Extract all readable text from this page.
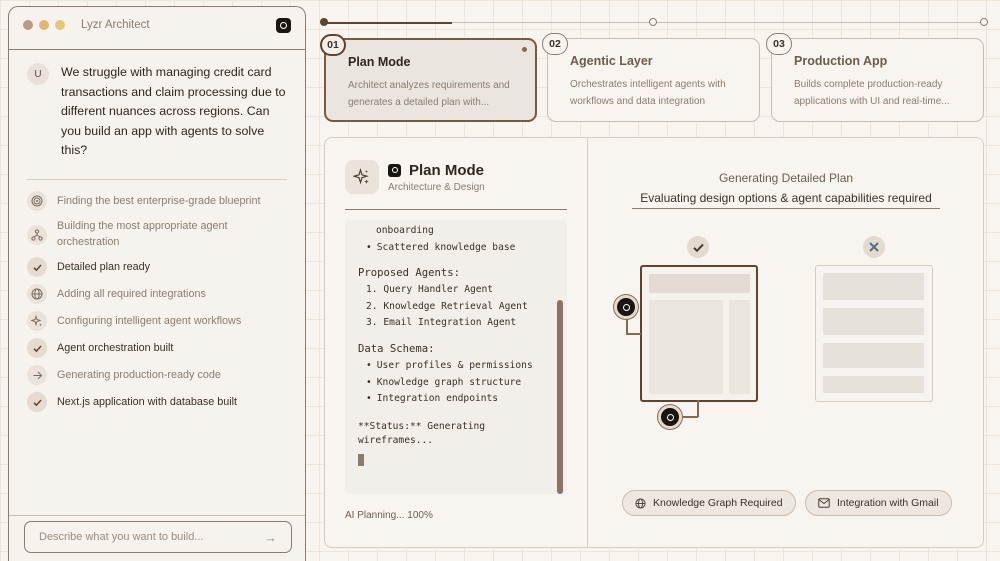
Lyzr Architect
U	We struggle with managing credit card transactions and claim processing due to different nuances across regions. Can you build an app with agents to solve this?

Finding the best enterprise-grade blueprint
Building the most appropriate agent orchestration
Detailed plan ready
Adding all required integrations
Configuring intelligent agent workflows
Agent orchestration built
Generating production-ready code
Next.js application with database built
Describe what you want to build...	→
01
Plan Mode
Architect analyzes requirements and generates a detailed plan with...
02
Agentic Layer
Orchestrates intelligent agents with workflows and data integration
03
Production App
Builds complete production-ready applications with UI and real-time...
Plan Mode
Architecture & Design
onboarding
• Scattered knowledge base
Proposed Agents:
1. Query Handler Agent
2. Knowledge Retrieval Agent
3. Email Integration Agent
Data Schema:
• User profiles & permissions
• Knowledge graph structure
• Integration endpoints
**Status:** Generating wireframes...
AI Planning... 100%
Generating Detailed Plan
Evaluating design options & agent capabilities required
Knowledge Graph Required	Integration with Gmail
